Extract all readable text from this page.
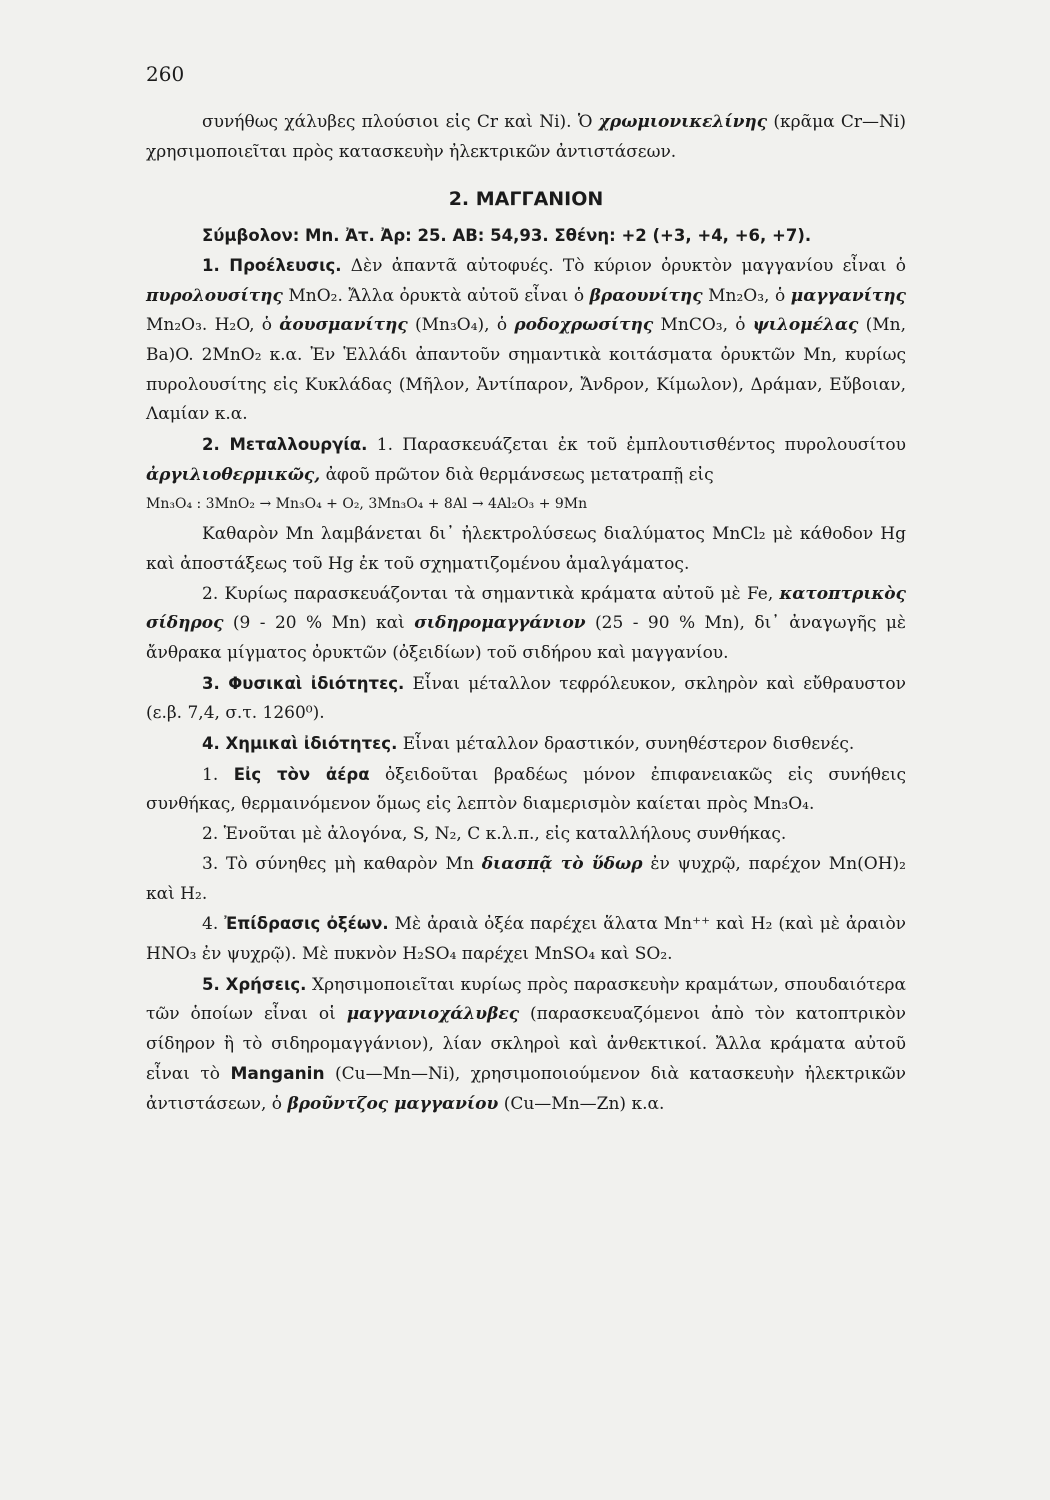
260

συνήθως χάλυβες πλούσιοι εἰς Cr καὶ Ni). Ὁ χρωμιονικελίνης (κρᾶμα Cr—Ni) χρησιμοποιεῖται πρὸς κατασκευὴν ἠλεκτρικῶν ἀντιστάσεων.

2. ΜΑΓΓΑΝΙΟΝ

Σύμβολον: Mn. Ἀτ. Ἀρ: 25. ΑΒ: 54,93. Σθένη: +2 (+3, +4, +6, +7).

1. Προέλευσις. Δὲν ἀπαντᾶ αὐτοφυές. Τὸ κύριον ὀρυκτὸν μαγγανίου εἶναι ὁ πυρολουσίτης MnO₂. Ἄλλα ὀρυκτὰ αὐτοῦ εἶναι ὁ βραουνίτης Mn₂O₃, ὁ μαγγανίτης Mn₂O₃. H₂O, ὁ ἀουσμανίτης (Mn₃O₄), ὁ ροδοχρωσίτης MnCO₃, ὁ ψιλομέλας (Mn, Ba)O. 2MnO₂ κ.α. Ἐν Ἑλλάδι ἀπαντοῦν σημαντικὰ κοιτάσματα ὀρυκτῶν Mn, κυρίως πυρολουσίτης εἰς Κυκλάδας (Μῆλον, Ἀντίπαρον, Ἄνδρον, Κίμωλον), Δράμαν, Εὔβοιαν, Λαμίαν κ.α.

2. Μεταλλουργία. 1. Παρασκευάζεται ἐκ τοῦ ἐμπλουτισθέντος πυρολουσίτου ἀργιλιοθερμικῶς, ἀφοῦ πρῶτον διὰ θερμάνσεως μετατραπῇ εἰς

Mn₃O₄ : 3MnO₂ → Mn₃O₄ + O₂, 3Mn₃O₄ + 8Al → 4Al₂O₃ + 9Mn

Καθαρὸν Mn λαμβάνεται δι᾽ ἠλεκτρολύσεως διαλύματος MnCl₂ μὲ κάθοδον Hg καὶ ἀποστάξεως τοῦ Hg ἐκ τοῦ σχηματιζομένου ἀμαλγάματος.

2. Κυρίως παρασκευάζονται τὰ σημαντικὰ κράματα αὐτοῦ μὲ Fe, κατοπτρικὸς σίδηρος (9 - 20 % Mn) καὶ σιδηρομαγγάνιον (25 - 90 % Mn), δι᾽ ἀναγωγῆς μὲ ἄνθρακα μίγματος ὀρυκτῶν (ὀξειδίων) τοῦ σιδήρου καὶ μαγγανίου.

3. Φυσικαὶ ἰδιότητες. Εἶναι μέταλλον τεφρόλευκον, σκληρὸν καὶ εὔθραυστον (ε.β. 7,4, σ.τ. 1260⁰).

4. Χημικαὶ ἰδιότητες. Εἶναι μέταλλον δραστικόν, συνηθέστερον δισθενές.

1. Εἰς τὸν ἀέρα ὀξειδοῦται βραδέως μόνον ἐπιφανειακῶς εἰς συνήθεις συνθήκας, θερμαινόμενον ὅμως εἰς λεπτὸν διαμερισμὸν καίεται πρὸς Mn₃O₄.

2. Ἑνοῦται μὲ ἀλογόνα, S, N₂, C κ.λ.π., εἰς καταλλήλους συνθήκας.

3. Τὸ σύνηθες μὴ καθαρὸν Mn διασπᾷ τὸ ὕδωρ ἐν ψυχρῷ, παρέχον Mn(OH)₂ καὶ H₂.

4. Ἐπίδρασις ὀξέων. Μὲ ἀραιὰ ὀξέα παρέχει ἅλατα Mn⁺⁺ καὶ H₂ (καὶ μὲ ἀραιὸν HNO₃ ἐν ψυχρῷ). Μὲ πυκνὸν H₂SO₄ παρέχει MnSO₄ καὶ SO₂.

5. Χρήσεις. Χρησιμοποιεῖται κυρίως πρὸς παρασκευὴν κραμάτων, σπουδαιότερα τῶν ὁποίων εἶναι οἱ μαγγανιοχάλυβες (παρασκευαζόμενοι ἀπὸ τὸν κατοπτρικὸν σίδηρον ἢ τὸ σιδηρομαγγάνιον), λίαν σκληροὶ καὶ ἀνθεκτικοί. Ἄλλα κράματα αὐτοῦ εἶναι τὸ Manganin (Cu—Mn—Ni), χρησιμοποιούμενον διὰ κατασκευὴν ἠλεκτρικῶν ἀντιστάσεων, ὁ βροῦντζος μαγγανίου (Cu—Mn—Zn) κ.α.
